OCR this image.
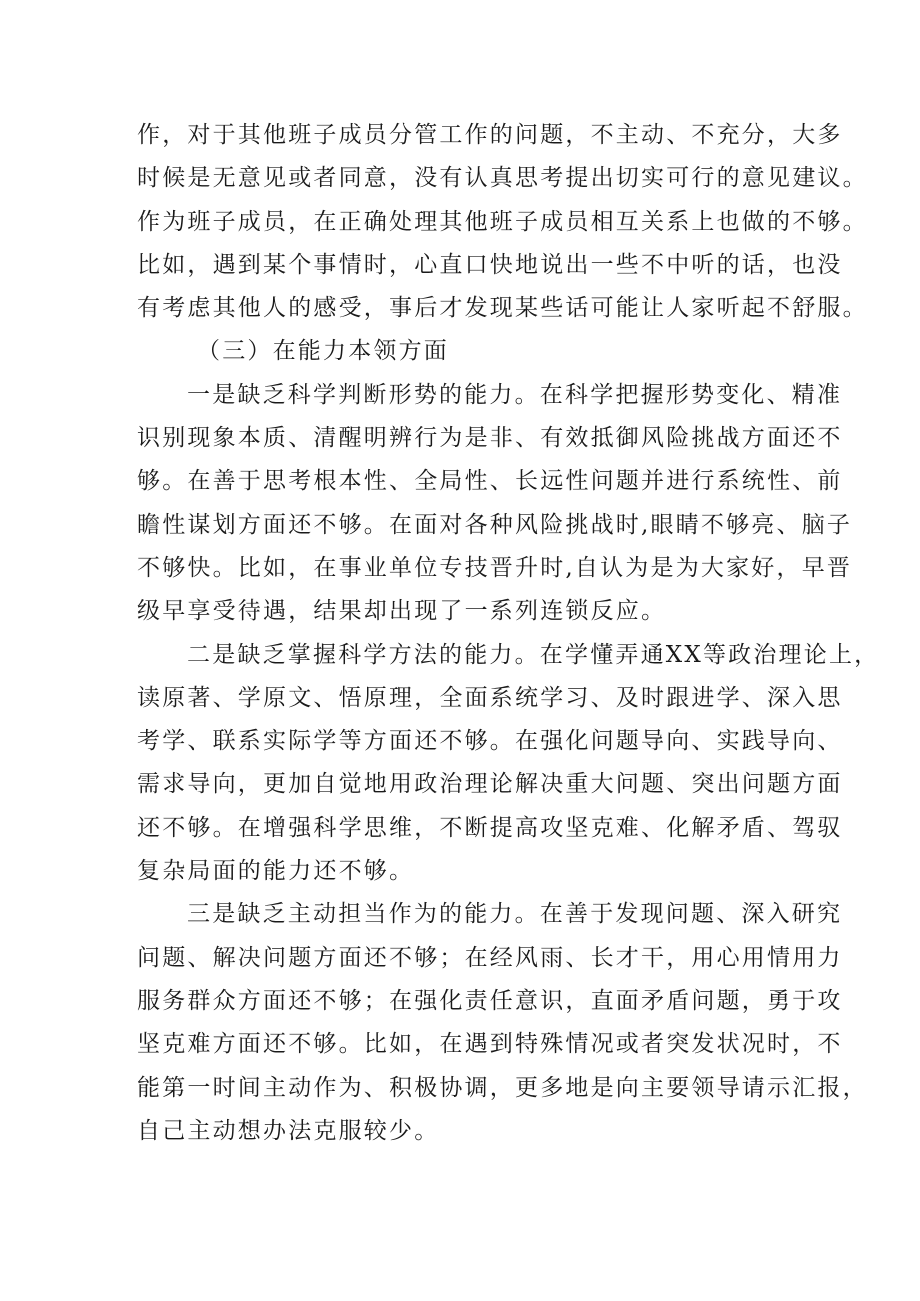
作，对于其他班子成员分管工作的问题，不主动、不充分，大多
时候是无意见或者同意，没有认真思考提出切实可行的意见建议。
作为班子成员，在正确处理其他班子成员相互关系上也做的不够。
比如，遇到某个事情时，心直口快地说出一些不中听的话，也没
有考虑其他人的感受，事后才发现某些话可能让人家听起不舒服。
（三）在能力本领方面
一是缺乏科学判断形势的能力。在科学把握形势变化、精准
识别现象本质、清醒明辨行为是非、有效抵御风险挑战方面还不
够。在善于思考根本性、全局性、长远性问题并进行系统性、前
瞻性谋划方面还不够。在面对各种风险挑战时,眼睛不够亮、脑子
不够快。比如，在事业单位专技晋升时,自认为是为大家好，早晋
级早享受待遇，结果却出现了一系列连锁反应。
二是缺乏掌握科学方法的能力。在学懂弄通XX等政治理论上，
读原著、学原文、悟原理，全面系统学习、及时跟进学、深入思
考学、联系实际学等方面还不够。在强化问题导向、实践导向、
需求导向，更加自觉地用政治理论解决重大问题、突出问题方面
还不够。在增强科学思维，不断提高攻坚克难、化解矛盾、驾驭
复杂局面的能力还不够。
三是缺乏主动担当作为的能力。在善于发现问题、深入研究
问题、解决问题方面还不够；在经风雨、长才干，用心用情用力
服务群众方面还不够；在强化责任意识，直面矛盾问题，勇于攻
坚克难方面还不够。比如，在遇到特殊情况或者突发状况时，不
能第一时间主动作为、积极协调，更多地是向主要领导请示汇报，
自己主动想办法克服较少。
